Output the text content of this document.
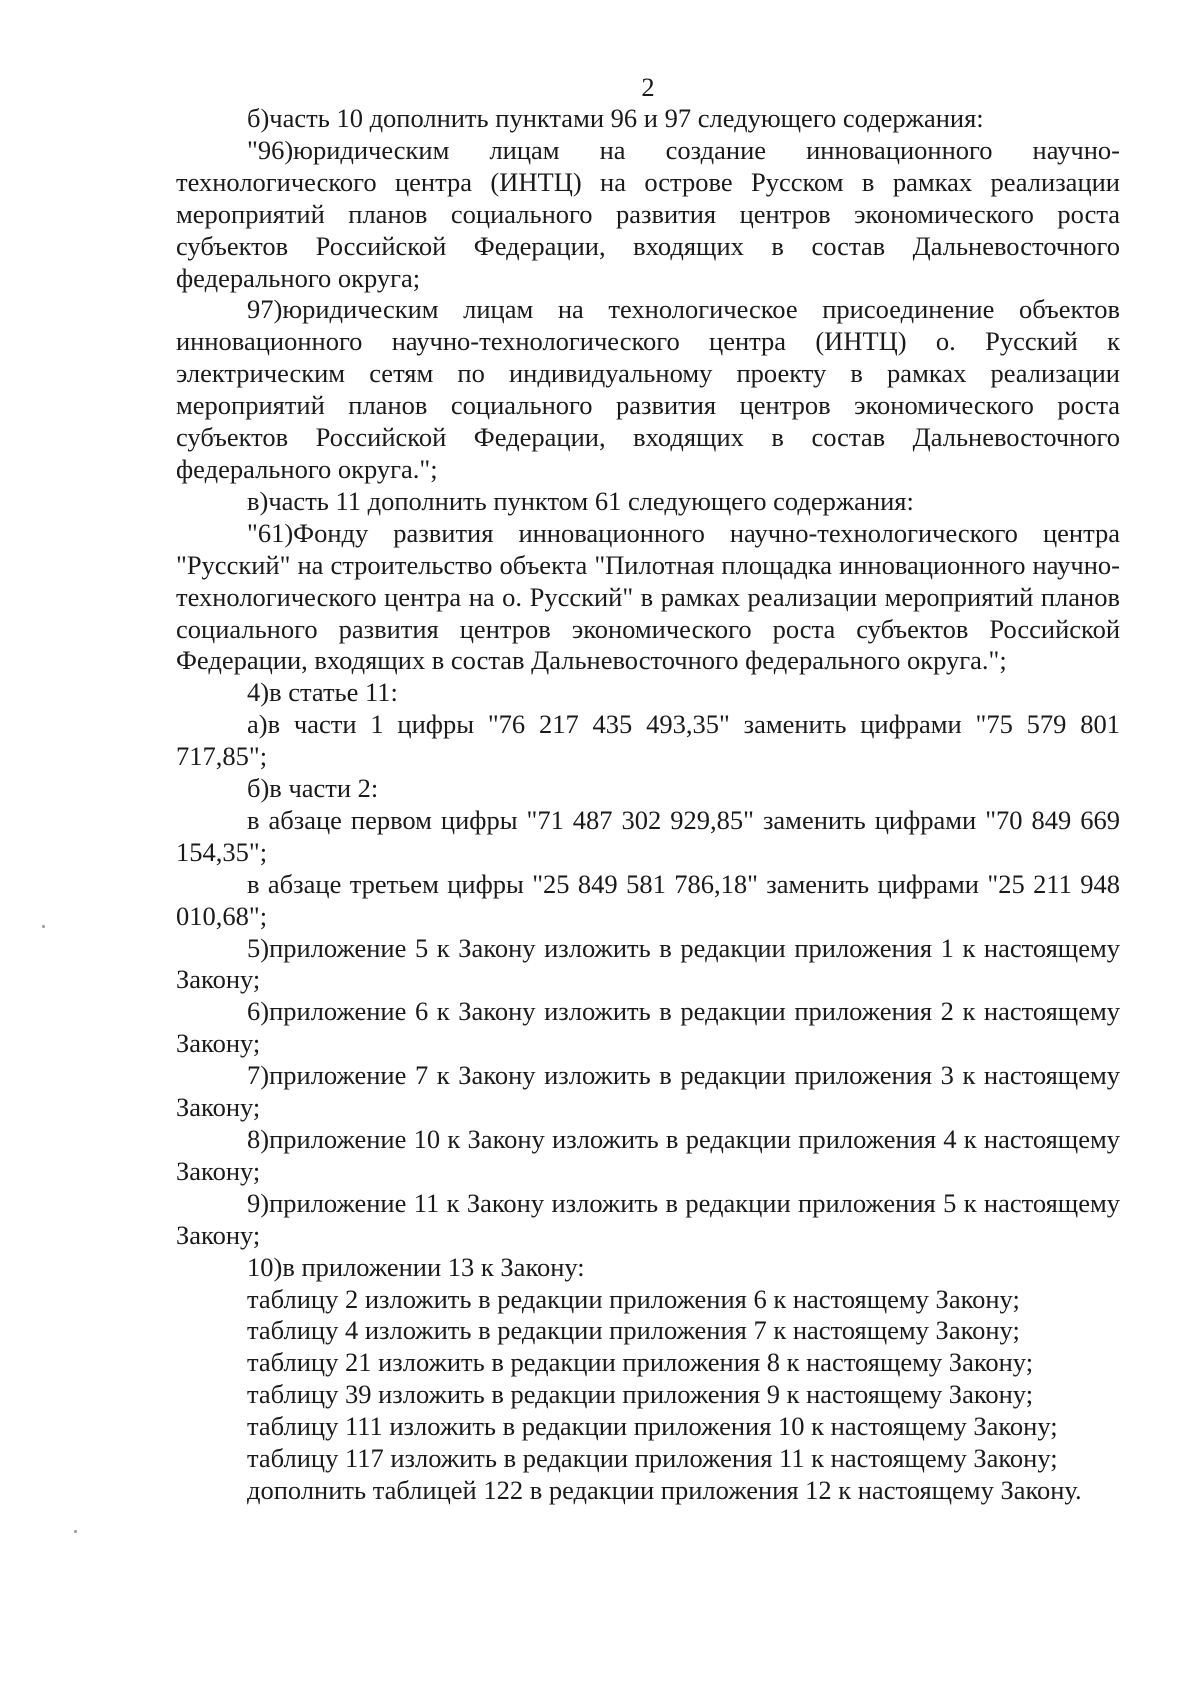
2

б)часть 10 дополнить пунктами 96 и 97 следующего содержания:

"96)юридическим лицам на создание инновационного научно-технологического центра (ИНТЦ) на острове Русском в рамках реализации мероприятий планов социального развития центров экономического роста субъектов Российской Федерации, входящих в состав Дальневосточного федерального округа;

97)юридическим лицам на технологическое присоединение объектов инновационного научно-технологического центра (ИНТЦ) о. Русский к электрическим сетям по индивидуальному проекту в рамках реализации мероприятий планов социального развития центров экономического роста субъектов Российской Федерации, входящих в состав Дальневосточного федерального округа.";

в)часть 11 дополнить пунктом 61 следующего содержания:

"61)Фонду развития инновационного научно-технологического центра "Русский" на строительство объекта "Пилотная площадка инновационного научно-технологического центра на о. Русский" в рамках реализации мероприятий планов социального развития центров экономического роста субъектов Российской Федерации, входящих в состав Дальневосточного федерального округа.";

4)в статье 11:

а)в части 1 цифры "76 217 435 493,35" заменить цифрами "75 579 801 717,85";

б)в части 2:

в абзаце первом цифры "71 487 302 929,85" заменить цифрами "70 849 669 154,35";

в абзаце третьем цифры "25 849 581 786,18" заменить цифрами "25 211 948 010,68";

5)приложение 5 к Закону изложить в редакции приложения 1 к настоящему Закону;

6)приложение 6 к Закону изложить в редакции приложения 2 к настоящему Закону;

7)приложение 7 к Закону изложить в редакции приложения 3 к настоящему Закону;

8)приложение 10 к Закону изложить в редакции приложения 4 к настоящему Закону;

9)приложение 11 к Закону изложить в редакции приложения 5 к настоящему Закону;

10)в приложении 13 к Закону:

таблицу 2 изложить в редакции приложения 6 к настоящему Закону;

таблицу 4 изложить в редакции приложения 7 к настоящему Закону;

таблицу 21 изложить в редакции приложения 8 к настоящему Закону;

таблицу 39 изложить в редакции приложения 9 к настоящему Закону;

таблицу 111 изложить в редакции приложения 10 к настоящему Закону;

таблицу 117 изложить в редакции приложения 11 к настоящему Закону;

дополнить таблицей 122 в редакции приложения 12 к настоящему Закону.
